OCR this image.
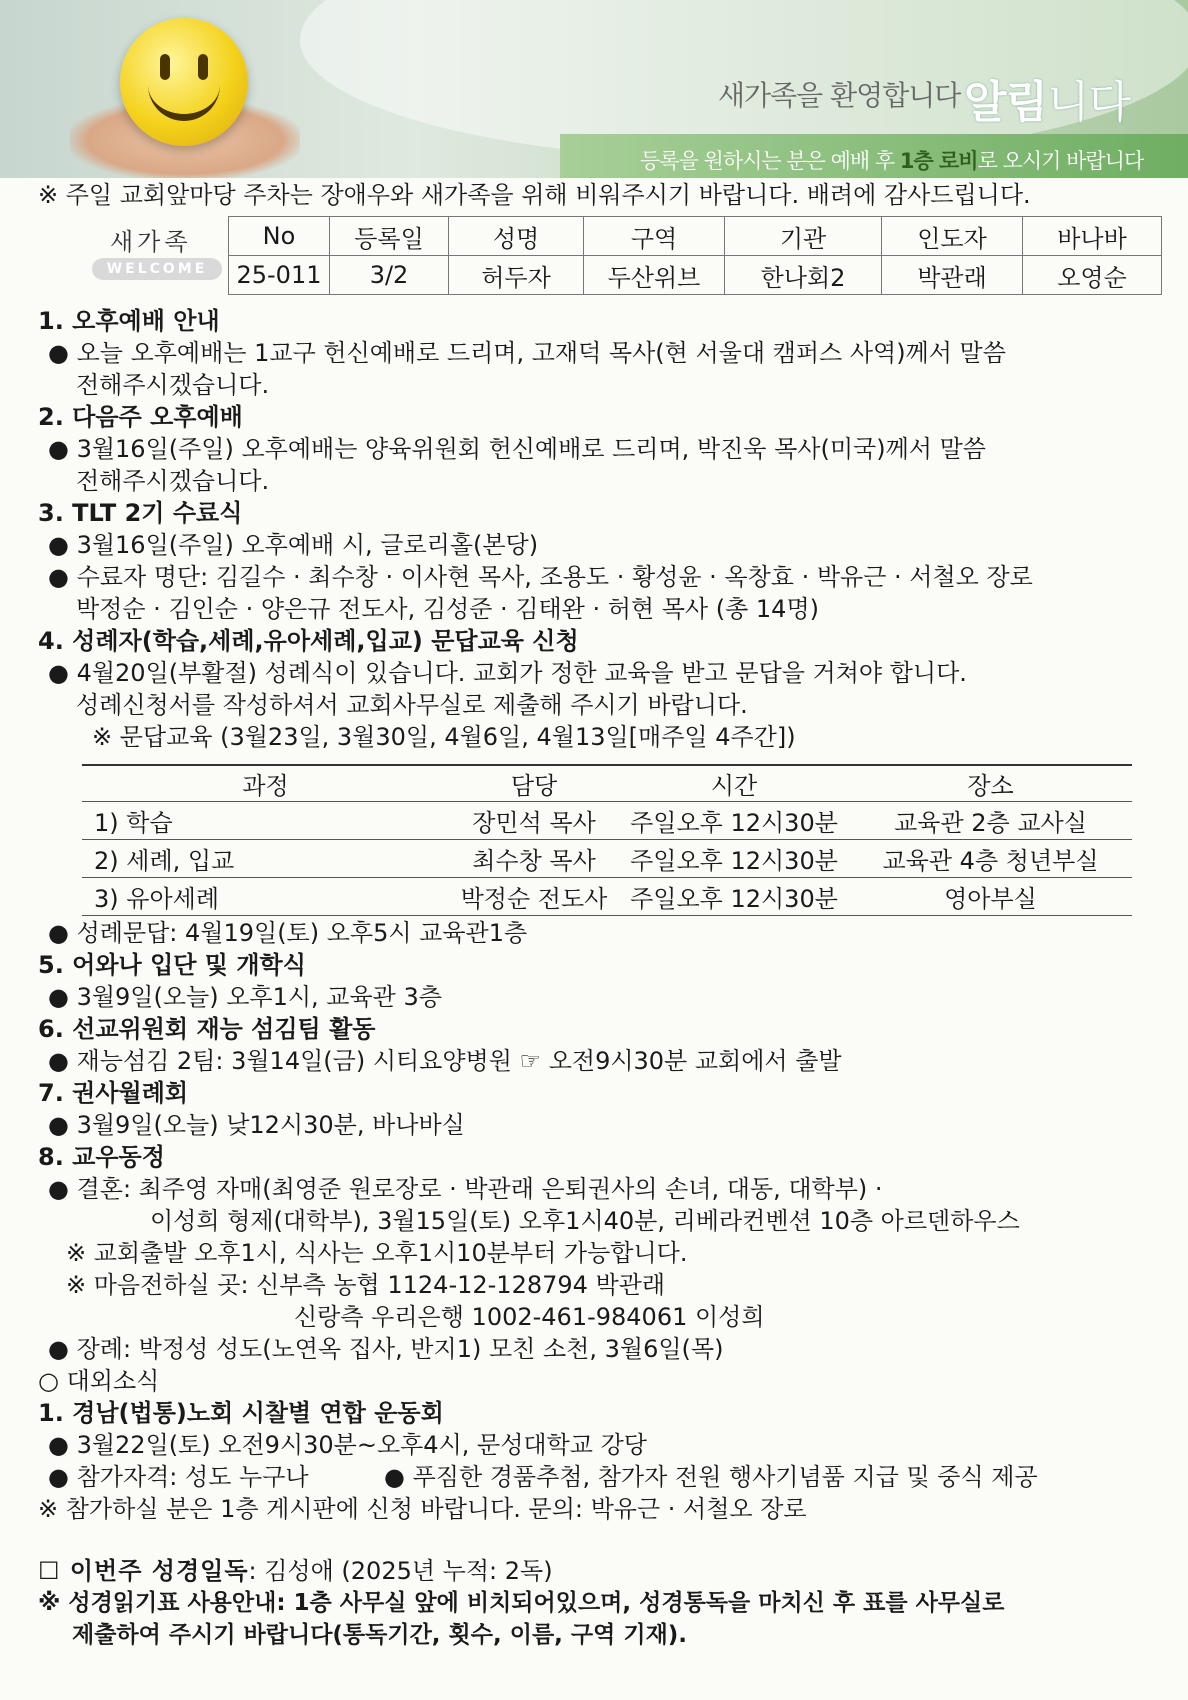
새가족을 환영합니다 알림니다
등록을 원하시는 분은 예배 후 1층 로비로 오시기 바랍니다
※ 주일 교회앞마당 주차는 장애우와 새가족을 위해 비워주시기 바랍니다. 배려에 감사드립니다.
새가족
WELCOME
No	등록일	성명	구역	기관	인도자	바나바
25-011	3/2	허두자	두산위브	한나회2	박관래	오영순
1. 오후예배 안내
● 오늘 오후예배는 1교구 헌신예배로 드리며, 고재덕 목사(현 서울대 캠퍼스 사역)께서 말씀
전해주시겠습니다.
2. 다음주 오후예배
● 3월16일(주일) 오후예배는 양육위원회 헌신예배로 드리며, 박진욱 목사(미국)께서 말씀
전해주시겠습니다.
3. TLT 2기 수료식
● 3월16일(주일) 오후예배 시, 글로리홀(본당)
● 수료자 명단: 김길수 · 최수창 · 이사현 목사, 조용도 · 황성윤 · 옥창효 · 박유근 · 서철오 장로
박정순 · 김인순 · 양은규 전도사, 김성준 · 김태완 · 허현 목사 (총 14명)
4. 성례자(학습,세례,유아세례,입교) 문답교육 신청
● 4월20일(부활절) 성례식이 있습니다. 교회가 정한 교육을 받고 문답을 거쳐야 합니다.
성례신청서를 작성하셔서 교회사무실로 제출해 주시기 바랍니다.
※ 문답교육 (3월23일, 3월30일, 4월6일, 4월13일[매주일 4주간])
과정	담당	시간	장소
1) 학습	장민석 목사	주일오후 12시30분	교육관 2층 교사실
2) 세례, 입교	최수창 목사	주일오후 12시30분	교육관 4층 청년부실
3) 유아세례	박정순 전도사	주일오후 12시30분	영아부실
● 성례문답: 4월19일(토) 오후5시 교육관1층
5. 어와나 입단 및 개학식
● 3월9일(오늘) 오후1시, 교육관 3층
6. 선교위원회 재능 섬김팀 활동
● 재능섬김 2팀: 3월14일(금) 시티요양병원 ☞ 오전9시30분 교회에서 출발
7. 권사월례회
● 3월9일(오늘) 낮12시30분, 바나바실
8. 교우동정
● 결혼: 최주영 자매(최영준 원로장로 · 박관래 은퇴권사의 손녀, 대동, 대학부) ·
이성희 형제(대학부), 3월15일(토) 오후1시40분, 리베라컨벤션 10층 아르덴하우스
※ 교회출발 오후1시, 식사는 오후1시10분부터 가능합니다.
※ 마음전하실 곳: 신부측 농협 1124-12-128794 박관래
신랑측 우리은행 1002-461-984061 이성희
● 장례: 박정성 성도(노연옥 집사, 반지1) 모친 소천, 3월6일(목)
○ 대외소식
1. 경남(법통)노회 시찰별 연합 운동회
● 3월22일(토) 오전9시30분~오후4시, 문성대학교 강당
● 참가자격: 성도 누구나	● 푸짐한 경품추첨, 참가자 전원 행사기념품 지급 및 중식 제공
※ 참가하실 분은 1층 게시판에 신청 바랍니다. 문의: 박유근 · 서철오 장로
☐ 이번주 성경일독: 김성애 (2025년 누적: 2독)
※ 성경읽기표 사용안내: 1층 사무실 앞에 비치되어있으며, 성경통독을 마치신 후 표를 사무실로
제출하여 주시기 바랍니다(통독기간, 횟수, 이름, 구역 기재).
